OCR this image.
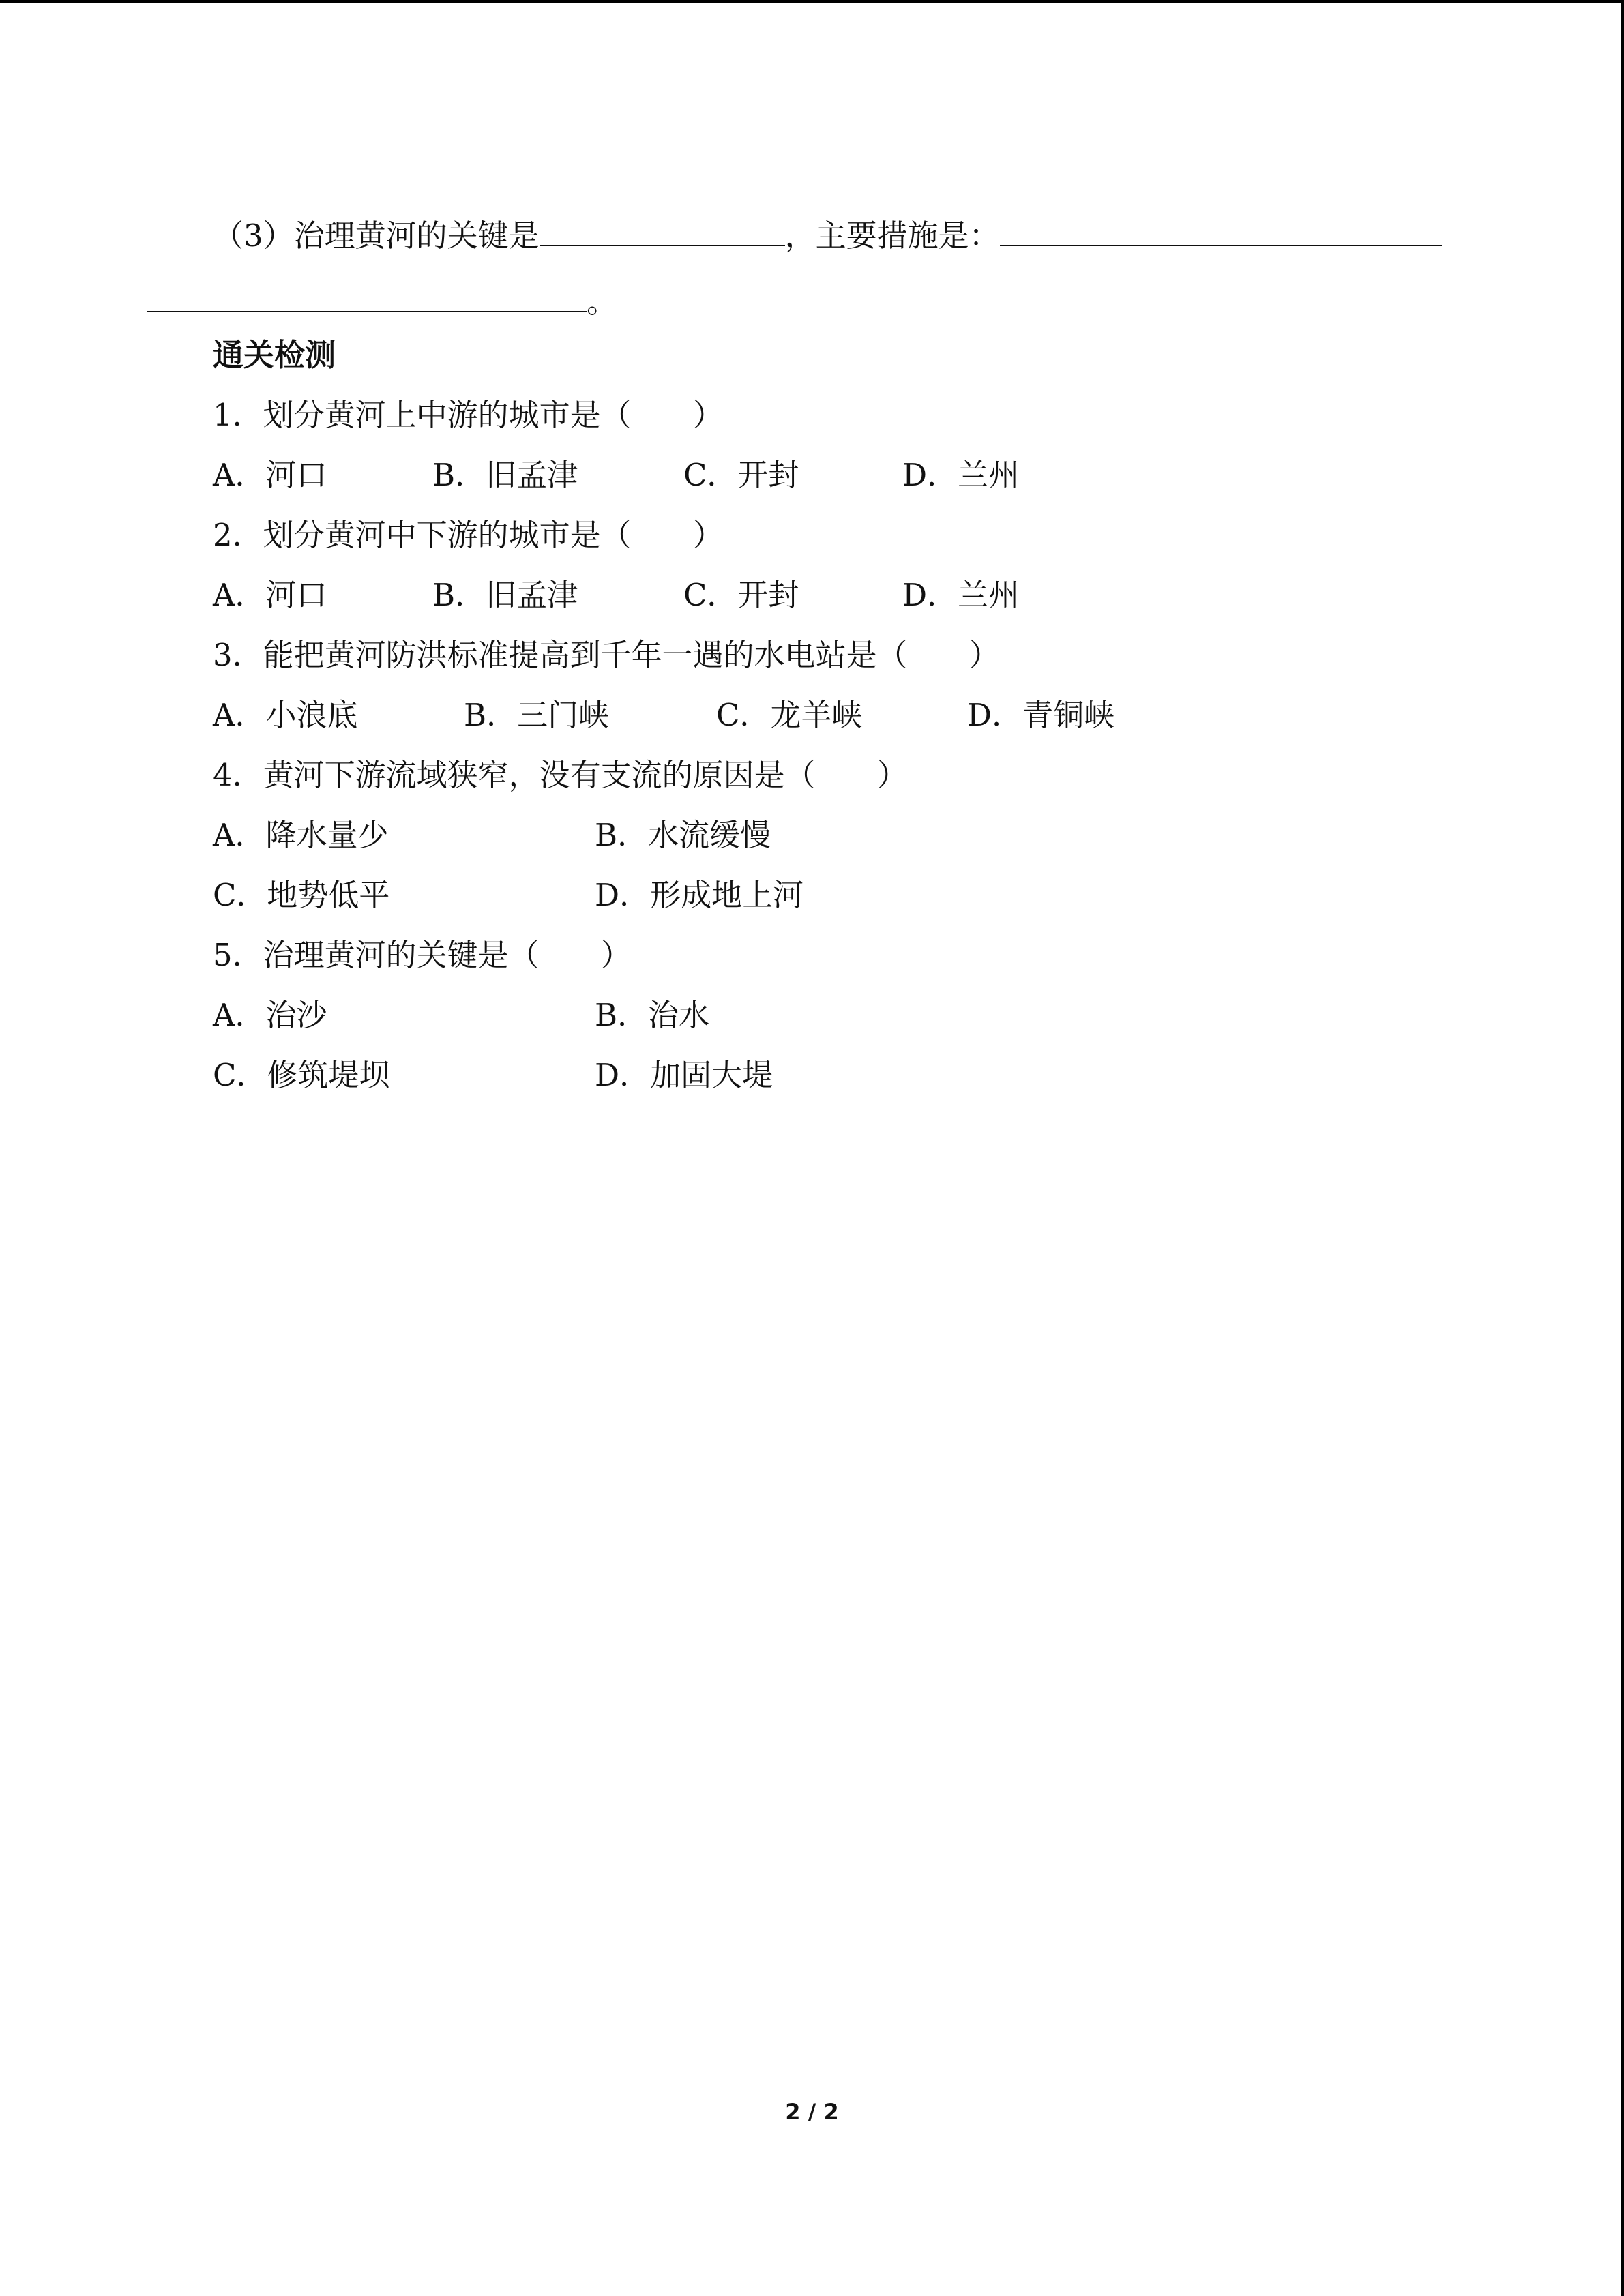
（3）治理黄河的关键是	，主要措施是：
。
通关检测
1．划分黄河上中游的城市是（　　）
A．河口	B．旧孟津	C．开封	D．兰州
2．划分黄河中下游的城市是（　　）
A．河口	B．旧孟津	C．开封	D．兰州
3．能把黄河防洪标准提高到千年一遇的水电站是（　　）
A．小浪底	B．三门峡	C．龙羊峡	D．青铜峡
4．黄河下游流域狭窄，没有支流的原因是（　　）
A．降水量少	B．水流缓慢
C．地势低平	D．形成地上河
5．治理黄河的关键是（　　）
A．治沙	B．治水
C．修筑堤坝	D．加固大堤
2 / 2
